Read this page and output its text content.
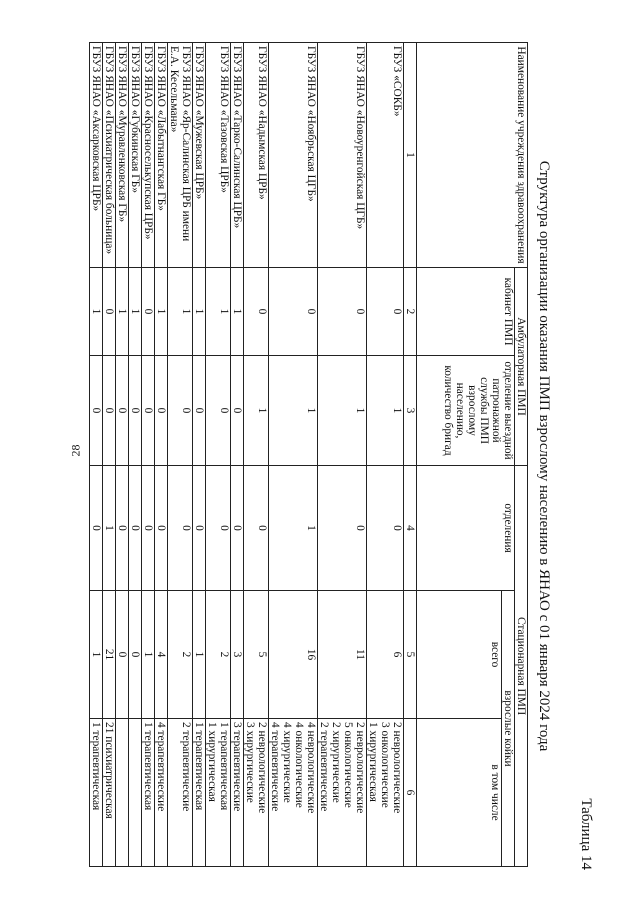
28
Таблица 14
Структура организации оказания ПМП взрослому населению в ЯНАО с 01 января 2024 года
Наименование учреждения здравоохранения	Амбулаторная ПМП		Стационарная ПМП		
	кабинет ПМП	отделение выездной патронажной службы ПМП взрослому населению, количество бригад	отделения	взрослые койки	
				всего	в том числе
1	2	3	4	5	6
ГБУЗ «СОКБ»	0	1	0	6	2 неврологические
3 онкологические
1 хирургическая

ГБУЗ ЯНАО «Новоуренгойская ЦГБ»	0	1	0	11	2 неврологические
5 онкологические
2 хирургические
2 терапевтические

ГБУЗ ЯНАО «Ноябрьская ЦГБ»	0	1	1	16	4 неврологические
4 онкологические
4 хирургические
4 терапевтические

ГБУЗ ЯНАО «Надымская ЦРБ»	0	1	0	5	2 неврологические
3 хирургические

ГБУЗ ЯНАО «Тарко-Салинская ЦРБ»	1	0	0	3	3 терапевтические

ГБУЗ ЯНАО «Тазовская ЦРБ»	1	0	0	2	1 терапевтическая
1 хирургическая

ГБУЗ ЯНАО «Мужевская ЦРБ»	1	0	0	1	1 терапевтическая

ГБУЗ ЯНАО «Яр-Салинская ЦРБ имени Е.А. Кесельмана»	1	0	0	2	2 терапевтические

ГБУЗ ЯНАО «Лабытнангская ГБ»	1	0	0	4	4 терапевтические

ГБУЗ ЯНАО «Красноселькупская ЦРБ»	0	0	0	1	1 терапевтическая

ГБУЗ ЯНАО «Губкинская ГБ»	1	0	0	0	
ГБУЗ ЯНАО «Муравленковская ГБ»	1	0	0	0	
ГБУЗ ЯНАО «Психиатрическая больница»	0	0	1	21	21 психиатрическая

ГБУЗ ЯНАО «Аксарковская ЦРБ»	1	0	0	1	1 терапевтическая
